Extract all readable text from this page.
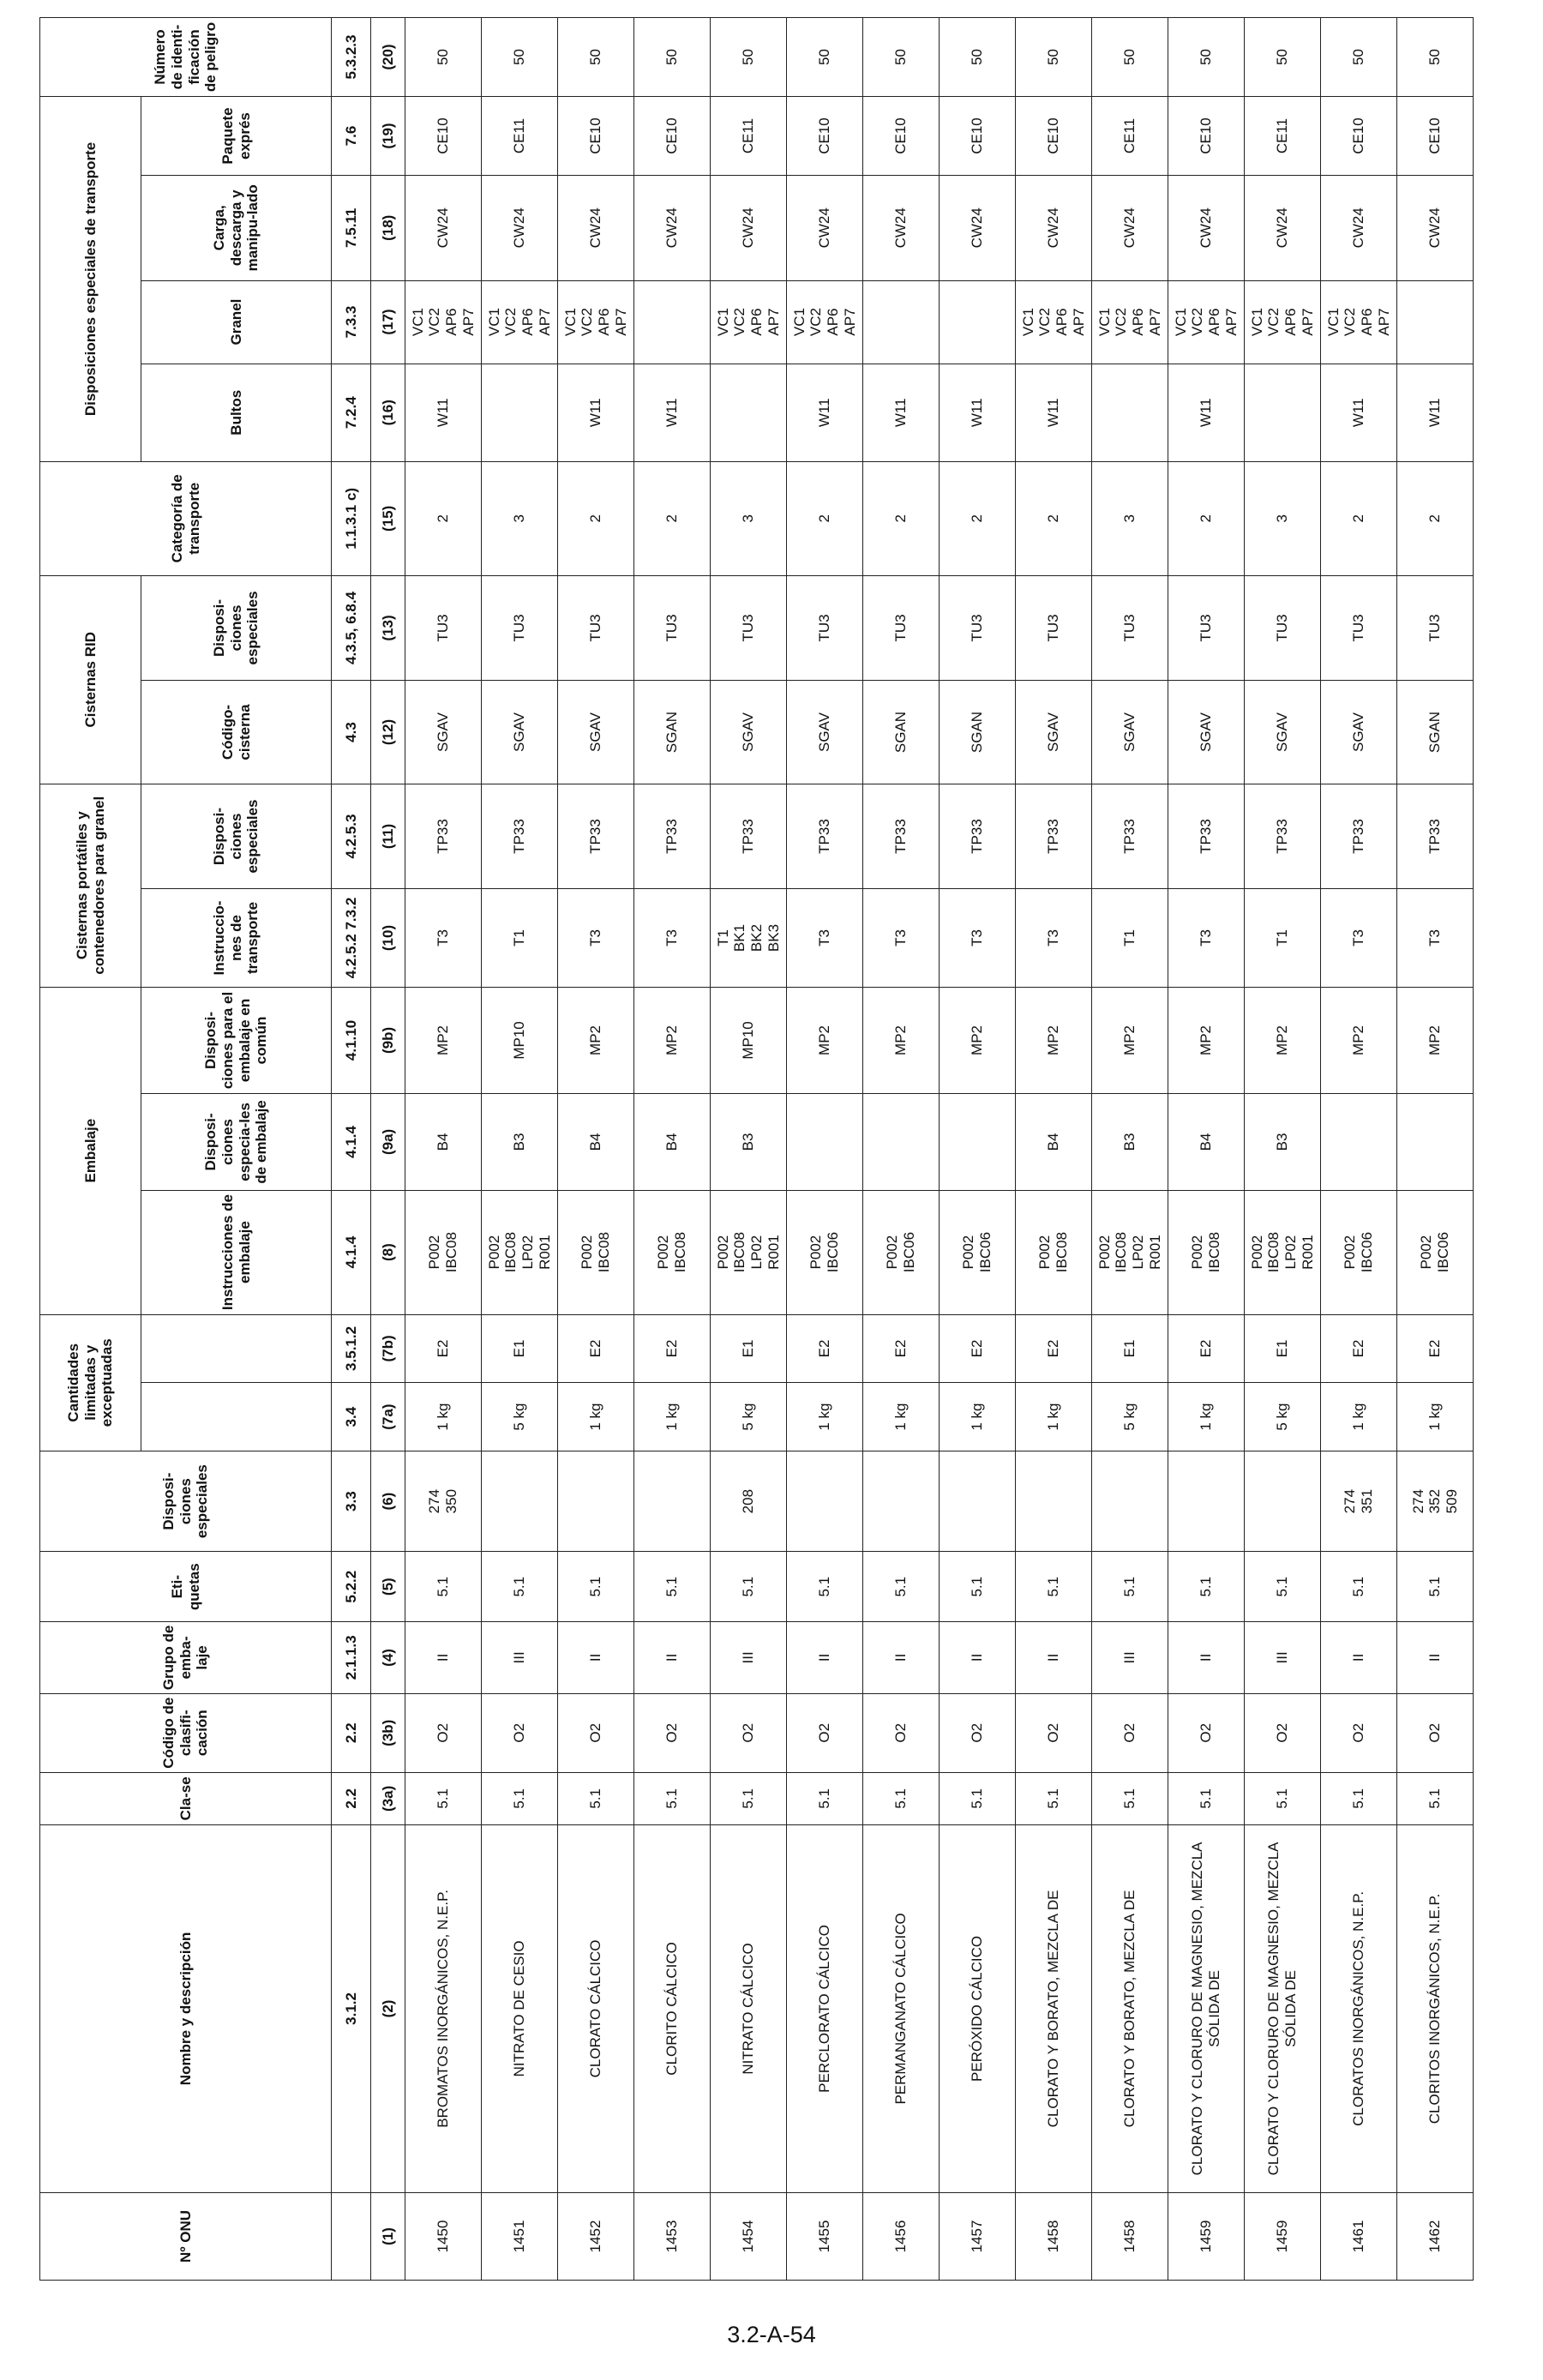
Nº ONU	Nombre y descripción	Cla-se	Código de clasifi-cación	Grupo de emba-laje	Eti-quetas	Disposi-ciones especiales	Cantidades limitadas y exceptuadas		Embalaje			Cisternas portátiles y contenedores para granel		Cisternas RID		Categoría de transporte	Disposiciones especiales de transporte				Número de identi-ficación de peligro
									Instrucciones de embalaje	Disposi-ciones especia-les de embalaje	Disposi-ciones para el embalaje en común	Instruccio-nes de transporte	Disposi-ciones especiales	Código-cisterna	Disposi-ciones especiales		Bultos	Granel	Carga, descarga y manipu-lado	Paquete exprés	
	3.1.2	2.2	2.2	2.1.1.3	5.2.2	3.3	3.4	3.5.1.2	4.1.4	4.1.4	4.1.10	4.2.5.2 7.3.2	4.2.5.3	4.3	4.3.5, 6.8.4	1.1.3.1 c)	7.2.4	7.3.3	7.5.11	7.6	5.3.2.3
(1)	(2)	(3a)	(3b)	(4)	(5)	(6)	(7a)	(7b)	(8)	(9a)	(9b)	(10)	(11)	(12)	(13)	(15)	(16)	(17)	(18)	(19)	(20)
1450	BROMATOS INORGÁNICOS, N.E.P.	5.1	O2	II	5.1	274 350	1 kg	E2	P002 IBC08	B4	MP2	T3	TP33	SGAV	TU3	2	W11	VC1 VC2 AP6 AP7	CW24	CE10	50
1451	NITRATO DE CESIO	5.1	O2	III	5.1		5 kg	E1	P002 IBC08 LP02 R001	B3	MP10	T1	TP33	SGAV	TU3	3		VC1 VC2 AP6 AP7	CW24	CE11	50
1452	CLORATO CÁLCICO	5.1	O2	II	5.1		1 kg	E2	P002 IBC08	B4	MP2	T3	TP33	SGAV	TU3	2	W11	VC1 VC2 AP6 AP7	CW24	CE10	50
1453	CLORITO CÁLCICO	5.1	O2	II	5.1		1 kg	E2	P002 IBC08	B4	MP2	T3	TP33	SGAN	TU3	2	W11		CW24	CE10	50
1454	NITRATO CÁLCICO	5.1	O2	III	5.1	208	5 kg	E1	P002 IBC08 LP02 R001	B3	MP10	T1 BK1 BK2 BK3	TP33	SGAV	TU3	3		VC1 VC2 AP6 AP7	CW24	CE11	50
1455	PERCLORATO CÁLCICO	5.1	O2	II	5.1		1 kg	E2	P002 IBC06		MP2	T3	TP33	SGAV	TU3	2	W11	VC1 VC2 AP6 AP7	CW24	CE10	50
1456	PERMANGANATO CÁLCICO	5.1	O2	II	5.1		1 kg	E2	P002 IBC06		MP2	T3	TP33	SGAN	TU3	2	W11		CW24	CE10	50
1457	PERÓXIDO CÁLCICO	5.1	O2	II	5.1		1 kg	E2	P002 IBC06		MP2	T3	TP33	SGAN	TU3	2	W11		CW24	CE10	50
1458	CLORATO Y BORATO, MEZCLA DE	5.1	O2	II	5.1		1 kg	E2	P002 IBC08	B4	MP2	T3	TP33	SGAV	TU3	2	W11	VC1 VC2 AP6 AP7	CW24	CE10	50
1458	CLORATO Y BORATO, MEZCLA DE	5.1	O2	III	5.1		5 kg	E1	P002 IBC08 LP02 R001	B3	MP2	T1	TP33	SGAV	TU3	3		VC1 VC2 AP6 AP7	CW24	CE11	50
1459	CLORATO Y CLORURO DE MAGNESIO, MEZCLA SÓLIDA DE	5.1	O2	II	5.1		1 kg	E2	P002 IBC08	B4	MP2	T3	TP33	SGAV	TU3	2	W11	VC1 VC2 AP6 AP7	CW24	CE10	50
1459	CLORATO Y CLORURO DE MAGNESIO, MEZCLA SÓLIDA DE	5.1	O2	III	5.1		5 kg	E1	P002 IBC08 LP02 R001	B3	MP2	T1	TP33	SGAV	TU3	3		VC1 VC2 AP6 AP7	CW24	CE11	50
1461	CLORATOS INORGÁNICOS, N.E.P.	5.1	O2	II	5.1	274 351	1 kg	E2	P002 IBC06		MP2	T3	TP33	SGAV	TU3	2	W11	VC1 VC2 AP6 AP7	CW24	CE10	50
1462	CLORITOS INORGÁNICOS, N.E.P.	5.1	O2	II	5.1	274 352 509	1 kg	E2	P002 IBC06		MP2	T3	TP33	SGAN	TU3	2	W11		CW24	CE10	50
3.2-A-54
